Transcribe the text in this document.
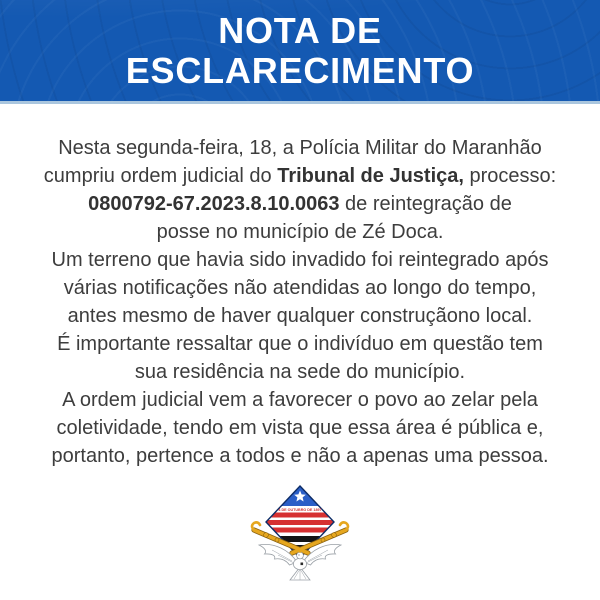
NOTA DE
ESCLARECIMENTO
Nesta segunda-feira, 18, a Polícia Militar do Maranhão
cumpriu ordem judicial do Tribunal de Justiça, processo:
0800792-67.2023.8.10.0063 de reintegração de
posse no município de Zé Doca.
Um terreno que havia sido invadido foi reintegrado após
várias notificações não atendidas ao longo do tempo,
antes mesmo de haver qualquer construçãono local.
É importante ressaltar que o indivíduo em questão tem
sua residência na sede do município.
A ordem judicial vem a favorecer o povo ao zelar pela
coletividade, tendo em vista que essa área é pública e,
portanto, pertence a todos e não a apenas uma pessoa.
4 DE OUTUBRO DE 1897
